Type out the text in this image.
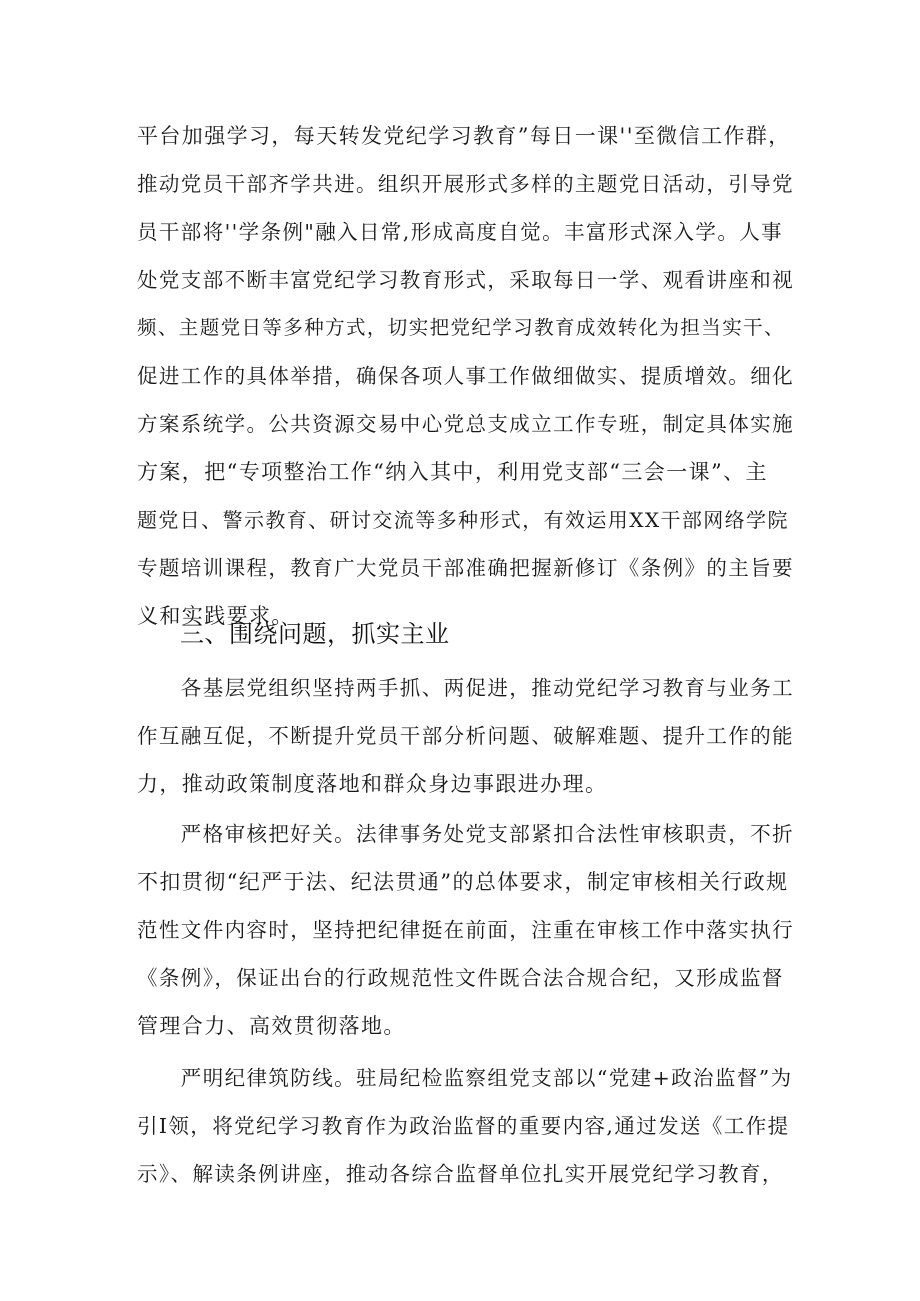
平台加强学习，每天转发党纪学习教育”每日一课''至微信工作群，
推动党员干部齐学共进。组织开展形式多样的主题党日活动，引导党
员干部将''学条例"融入日常,形成高度自觉。丰富形式深入学。人事
处党支部不断丰富党纪学习教育形式，采取每日一学、观看讲座和视
频、主题党日等多种方式，切实把党纪学习教育成效转化为担当实干、
促进工作的具体举措，确保各项人事工作做细做实、提质增效。细化
方案系统学。公共资源交易中心党总支成立工作专班，制定具体实施
方案，把“专项整治工作“纳入其中，利用党支部“三会一课”、主
题党日、警示教育、研讨交流等多种形式，有效运用XX干部网络学院
专题培训课程，教育广大党员干部准确把握新修订《条例》的主旨要
义和实践要求。
三、围绕问题，抓实主业
　　各基层党组织坚持两手抓、两促进，推动党纪学习教育与业务工
作互融互促，不断提升党员干部分析问题、破解难题、提升工作的能
力，推动政策制度落地和群众身边事跟进办理。
　　严格审核把好关。法律事务处党支部紧扣合法性审核职责，不折
不扣贯彻“纪严于法、纪法贯通”的总体要求，制定审核相关行政规
范性文件内容时，坚持把纪律挺在前面，注重在审核工作中落实执行
《条例》，保证出台的行政规范性文件既合法合规合纪，又形成监督
管理合力、高效贯彻落地。
　　严明纪律筑防线。驻局纪检监察组党支部以“党建+政治监督”为
引I领，将党纪学习教育作为政治监督的重要内容,通过发送《工作提
示》、解读条例讲座，推动各综合监督单位扎实开展党纪学习教育，
